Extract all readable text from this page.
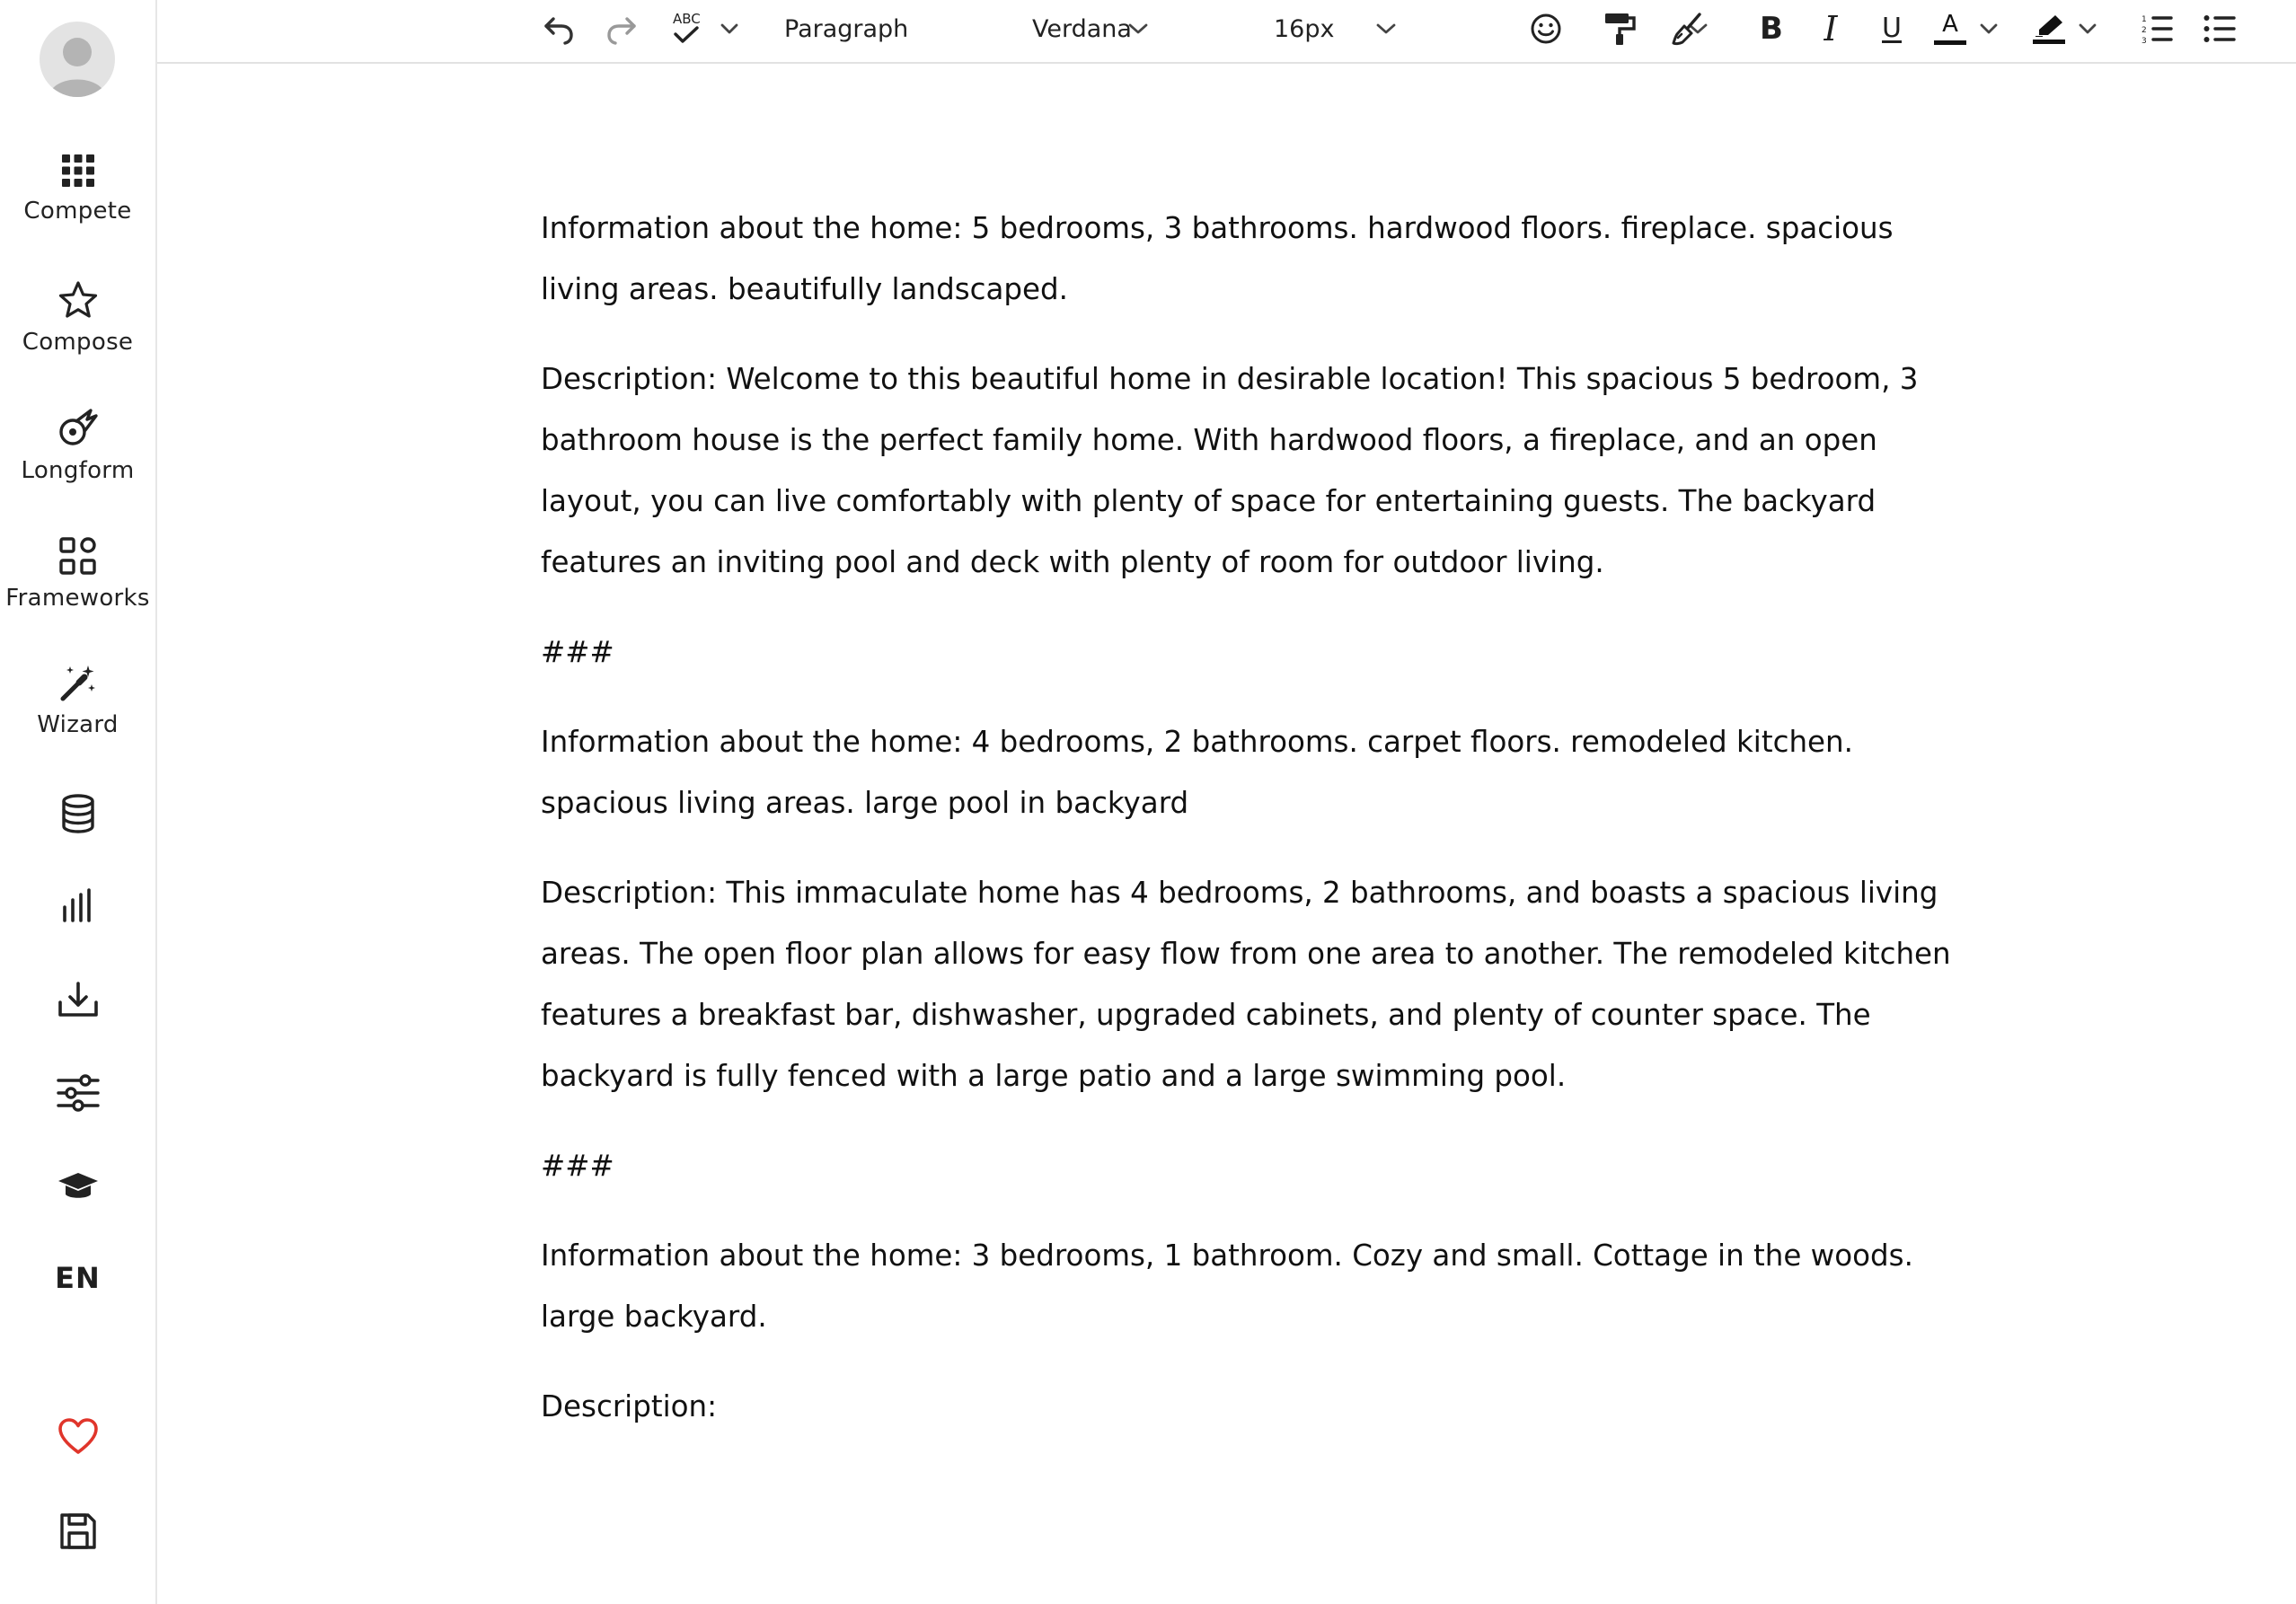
Compete
Compose
Longform
Frameworks
Wizard
EN
ABC	Paragraph	Verdana	16px	B I U A	1
2
3

Information about the home: 5 bedrooms, 3 bathrooms. hardwood floors. fireplace. spacious living areas. beautifully landscaped.

Description: Welcome to this beautiful home in desirable location! This spacious 5 bedroom, 3 bathroom house is the perfect family home. With hardwood floors, a fireplace, and an open layout, you can live comfortably with plenty of space for entertaining guests. The backyard features an inviting pool and deck with plenty of room for outdoor living.

###

Information about the home: 4 bedrooms, 2 bathrooms. carpet floors. remodeled kitchen. spacious living areas. large pool in backyard

Description: This immaculate home has 4 bedrooms, 2 bathrooms, and boasts a spacious living areas. The open floor plan allows for easy flow from one area to another. The remodeled kitchen features a breakfast bar, dishwasher, upgraded cabinets, and plenty of counter space. The backyard is fully fenced with a large patio and a large swimming pool.

###

Information about the home: 3 bedrooms, 1 bathroom. Cozy and small. Cottage in the woods. large backyard.

Description:
